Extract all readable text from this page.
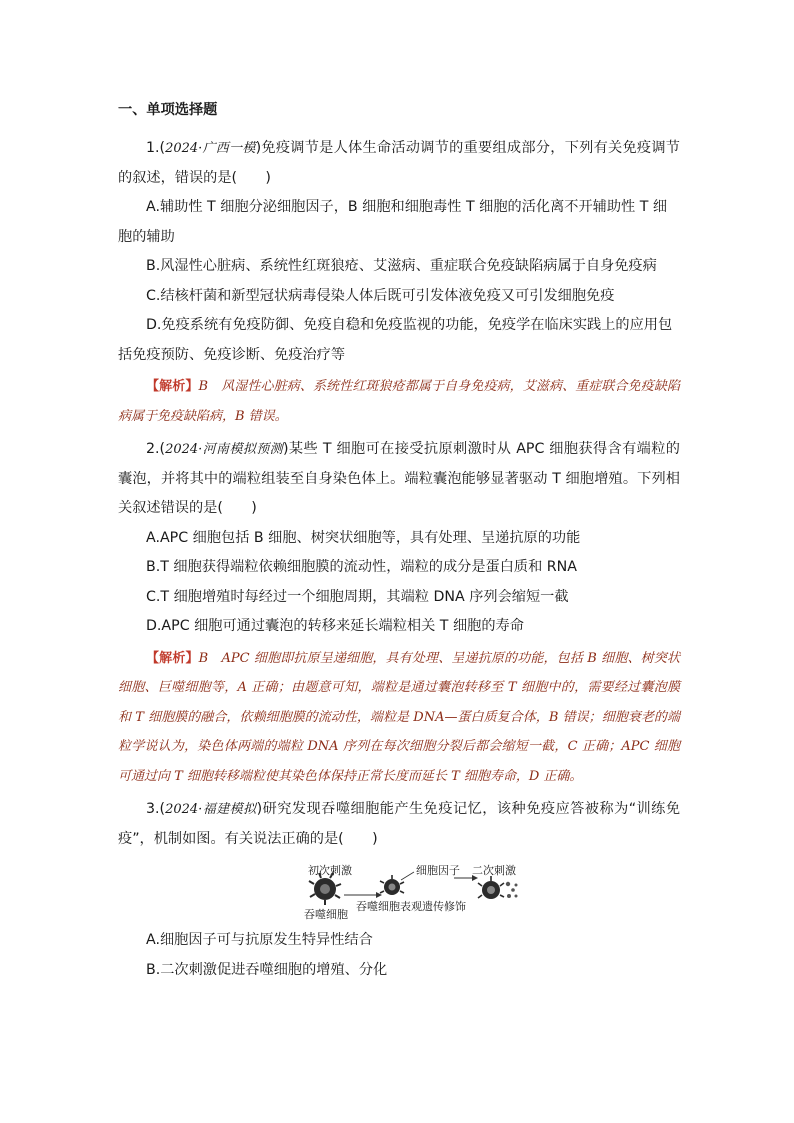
一、单项选择题
1.(2024·广西一模)免疫调节是人体生命活动调节的重要组成部分，下列有关免疫调节的叙述，错误的是(　　)
A.辅助性 T 细胞分泌细胞因子，B 细胞和细胞毒性 T 细胞的活化离不开辅助性 T 细胞的辅助
B.风湿性心脏病、系统性红斑狼疮、艾滋病、重症联合免疫缺陷病属于自身免疫病
C.结核杆菌和新型冠状病毒侵染人体后既可引发体液免疫又可引发细胞免疫
D.免疫系统有免疫防御、免疫自稳和免疫监视的功能，免疫学在临床实践上的应用包括免疫预防、免疫诊断、免疫治疗等
【解析】B　风湿性心脏病、系统性红斑狼疮都属于自身免疫病，艾滋病、重症联合免疫缺陷病属于免疫缺陷病，B 错误。
2.(2024·河南模拟预测)某些 T 细胞可在接受抗原刺激时从 APC 细胞获得含有端粒的囊泡，并将其中的端粒组装至自身染色体上。端粒囊泡能够显著驱动 T 细胞增殖。下列相关叙述错误的是(　　)
A.APC 细胞包括 B 细胞、树突状细胞等，具有处理、呈递抗原的功能
B.T 细胞获得端粒依赖细胞膜的流动性，端粒的成分是蛋白质和 RNA
C.T 细胞增殖时每经过一个细胞周期，其端粒 DNA 序列会缩短一截
D.APC 细胞可通过囊泡的转移来延长端粒相关 T 细胞的寿命
【解析】B　APC 细胞即抗原呈递细胞，具有处理、呈递抗原的功能，包括 B 细胞、树突状细胞、巨噬细胞等，A 正确；由题意可知，端粒是通过囊泡转移至 T 细胞中的，需要经过囊泡膜和 T 细胞膜的融合，依赖细胞膜的流动性，端粒是 DNA—蛋白质复合体，B 错误；细胞衰老的端粒学说认为，染色体两端的端粒 DNA 序列在每次细胞分裂后都会缩短一截，C 正确；APC 细胞可通过向 T 细胞转移端粒使其染色体保持正常长度而延长 T 细胞寿命，D 正确。
3.(2024·福建模拟)研究发现吞噬细胞能产生免疫记忆，该种免疫应答被称为“训练免疫”，机制如图。有关说法正确的是(　　)
初次刺激	细胞因子 二次刺激
吞噬细胞
吞噬细胞表观遗传修饰
A.细胞因子可与抗原发生特异性结合
B.二次刺激促进吞噬细胞的增殖、分化
